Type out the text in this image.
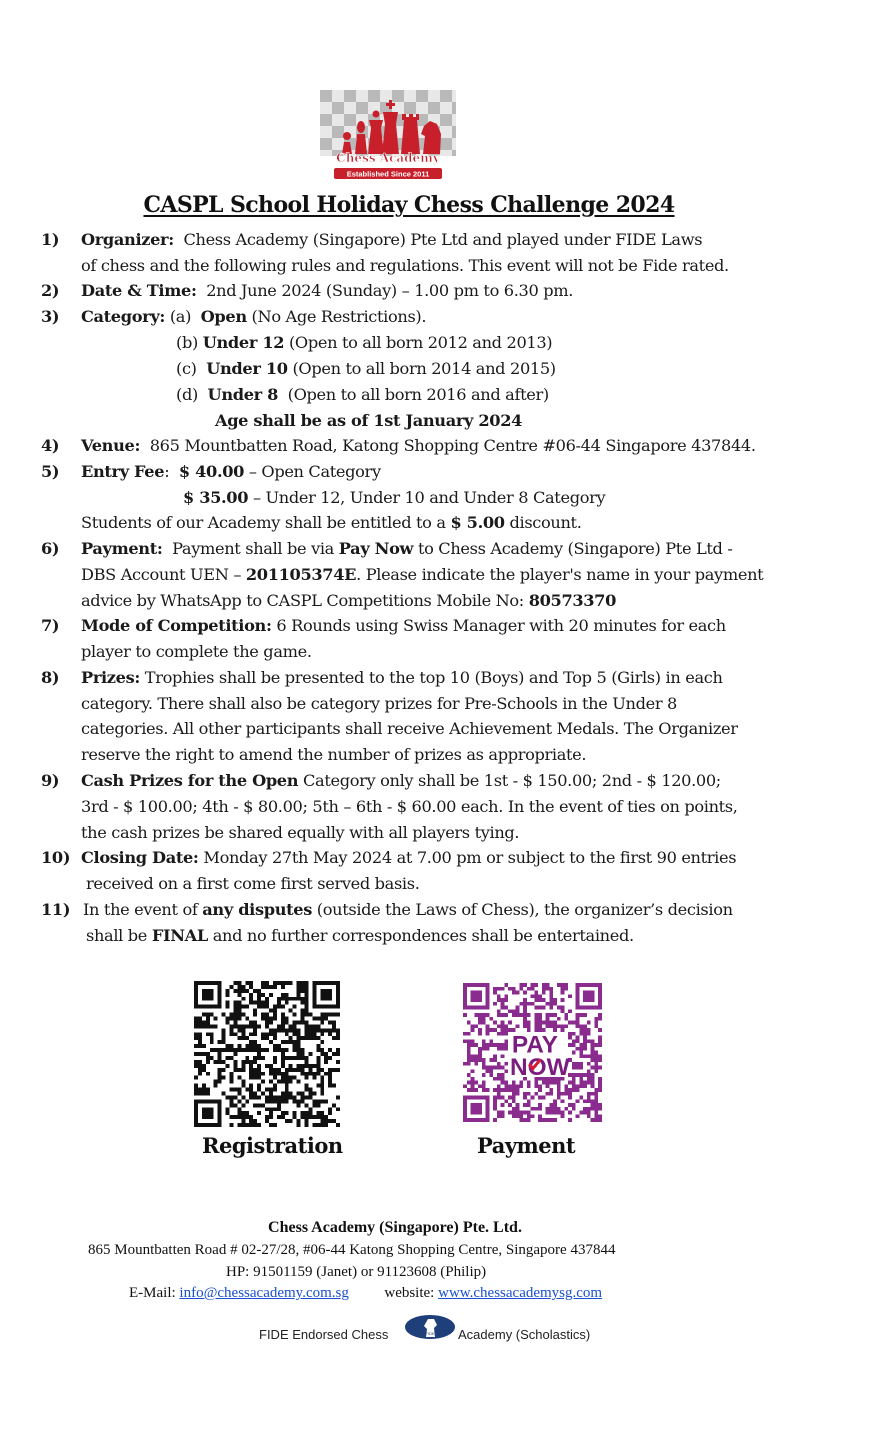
Chess Academy
Established Since 2011
CASPL School Holiday Chess Challenge 2024
1) Organizer: Chess Academy (Singapore) Pte Ltd and played under FIDE Laws
of chess and the following rules and regulations. This event will not be Fide rated.
2) Date & Time: 2nd June 2024 (Sunday) – 1.00 pm to 6.30 pm.
3) Category: (a) Open (No Age Restrictions).
(b) Under 12 (Open to all born 2012 and 2013)
(c) Under 10 (Open to all born 2014 and 2015)
(d) Under 8 (Open to all born 2016 and after)
Age shall be as of 1st January 2024
4) Venue: 865 Mountbatten Road, Katong Shopping Centre #06-44 Singapore 437844.
5) Entry Fee:  $ 40.00 – Open Category
$ 35.00 – Under 12, Under 10 and Under 8 Category
Students of our Academy shall be entitled to a $ 5.00 discount.
6) Payment: Payment shall be via Pay Now to Chess Academy (Singapore) Pte Ltd -
DBS Account UEN – 201105374E. Please indicate the player's name in your payment
advice by WhatsApp to CASPL Competitions Mobile No: 80573370
7) Mode of Competition: 6 Rounds using Swiss Manager with 20 minutes for each
player to complete the game.
8) Prizes: Trophies shall be presented to the top 10 (Boys) and Top 5 (Girls) in each
category. There shall also be category prizes for Pre-Schools in the Under 8
categories. All other participants shall receive Achievement Medals. The Organizer
reserve the right to amend the number of prizes as appropriate.
9) Cash Prizes for the Open Category only shall be 1st - $ 150.00; 2nd - $ 120.00;
3rd - $ 100.00; 4th - $ 80.00; 5th – 6th - $ 60.00 each. In the event of ties on points,
the cash prizes be shared equally with all players tying.
10) Closing Date: Monday 27th May 2024 at 7.00 pm or subject to the first 90 entries
received on a first come first served basis.
11) In the event of any disputes (outside the Laws of Chess), the organizer’s decision
shall be FINAL and no further correspondences shall be entertained.
Registration
PAY
NOW
Payment
Chess Academy (Singapore) Pte. Ltd.
865 Mountbatten Road # 02-27/28, #06-44 Katong Shopping Centre, Singapore 437844
HP: 91501159 (Janet) or 91123608 (Philip)
E-Mail: info@chessacademy.com.sg website: www.chessacademysg.com
FIDE Endorsed Chess	FIDE Academy (Scholastics)
